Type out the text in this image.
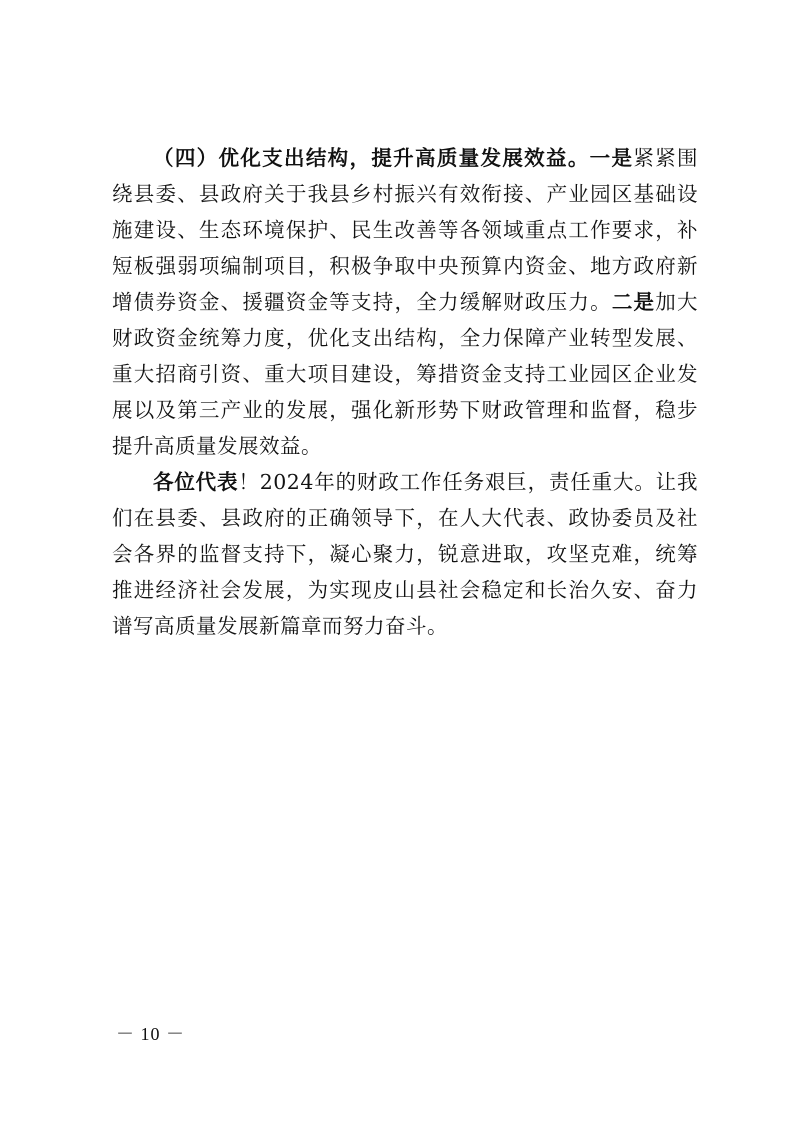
（四）优化支出结构，提升高质量发展效益。一是紧紧围绕县委、县政府关于我县乡村振兴有效衔接、产业园区基础设施建设、生态环境保护、民生改善等各领域重点工作要求，补短板强弱项编制项目，积极争取中央预算内资金、地方政府新增债券资金、援疆资金等支持，全力缓解财政压力。二是加大财政资金统筹力度，优化支出结构，全力保障产业转型发展、重大招商引资、重大项目建设，筹措资金支持工业园区企业发展以及第三产业的发展，强化新形势下财政管理和监督，稳步提升高质量发展效益。

各位代表！2024年的财政工作任务艰巨，责任重大。让我们在县委、县政府的正确领导下，在人大代表、政协委员及社会各界的监督支持下，凝心聚力，锐意进取，攻坚克难，统筹推进经济社会发展，为实现皮山县社会稳定和长治久安、奋力谱写高质量发展新篇章而努力奋斗。

－ 10 －
